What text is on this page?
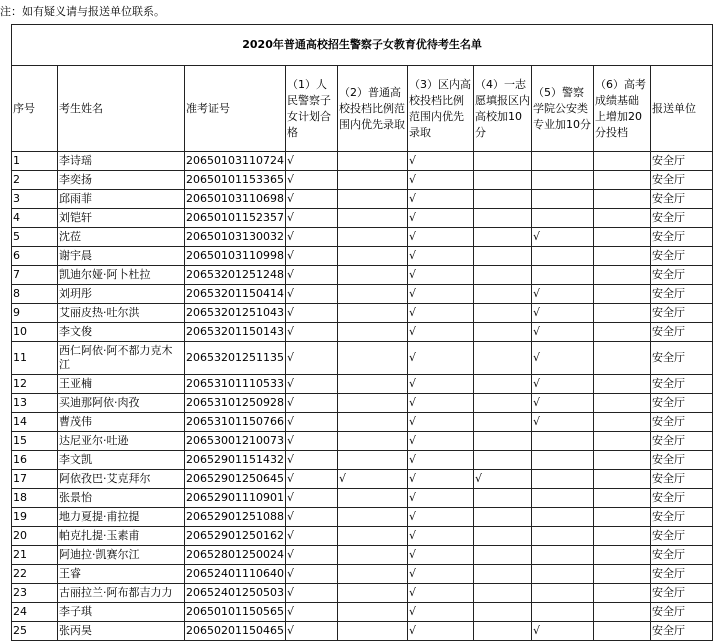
注：如有疑义请与报送单位联系。
2020年普通高校招生警察子女教育优待考生名单									
序号	考生姓名	准考证号	（1）人民警察子女计划合格	（2）普通高校投档比例范围内优先录取	（3）区内高校投档比例范围内优先录取	（4）一志愿填报区内高校加10分	（5）警察学院公安类专业加10分	（6）高考成绩基础上增加20分投档	报送单位
1	李诗瑶	20650103110724	√		√				安全厅
2	李奕扬	20650101153365	√		√				安全厅
3	邱雨菲	20650103110698	√		√				安全厅
4	刘铠轩	20650101152357	√		√				安全厅
5	沈莅	20650103130032	√		√		√		安全厅
6	谢宇晨	20650103110998	√		√				安全厅
7	凯迪尔娅·阿卜杜拉	20653201251248	√		√				安全厅
8	刘玥彤	20653201150414	√		√		√		安全厅
9	艾丽皮热·吐尔洪	20653201251043	√		√		√		安全厅
10	李文俊	20653201150143	√		√		√		安全厅
11	西仁阿依·阿不都力克木江	20653201251135	√		√		√		安全厅
12	王亚楠	20653101110533	√		√		√		安全厅
13	买迪那阿依·肉孜	20653101250928	√		√		√		安全厅
14	曹茂伟	20653101150766	√		√		√		安全厅
15	达尼亚尔·吐逊	20653001210073	√		√				安全厅
16	李文凯	20652901151432	√		√				安全厅
17	阿依孜巴·艾克拜尔	20652901250645	√	√	√	√			安全厅
18	张景怡	20652901110901	√		√				安全厅
19	地力夏提·甫拉提	20652901251088	√		√				安全厅
20	帕克扎提·玉素甫	20652901250162	√		√				安全厅
21	阿迪拉·凯赛尔江	20652801250024	√		√				安全厅
22	王睿	20652401110640	√		√				安全厅
23	古丽拉兰·阿布都吉力力	20652401250503	√		√				安全厅
24	李子琪	20650101150565	√		√				安全厅
25	张丙昊	20650201150465	√		√		√		安全厅
